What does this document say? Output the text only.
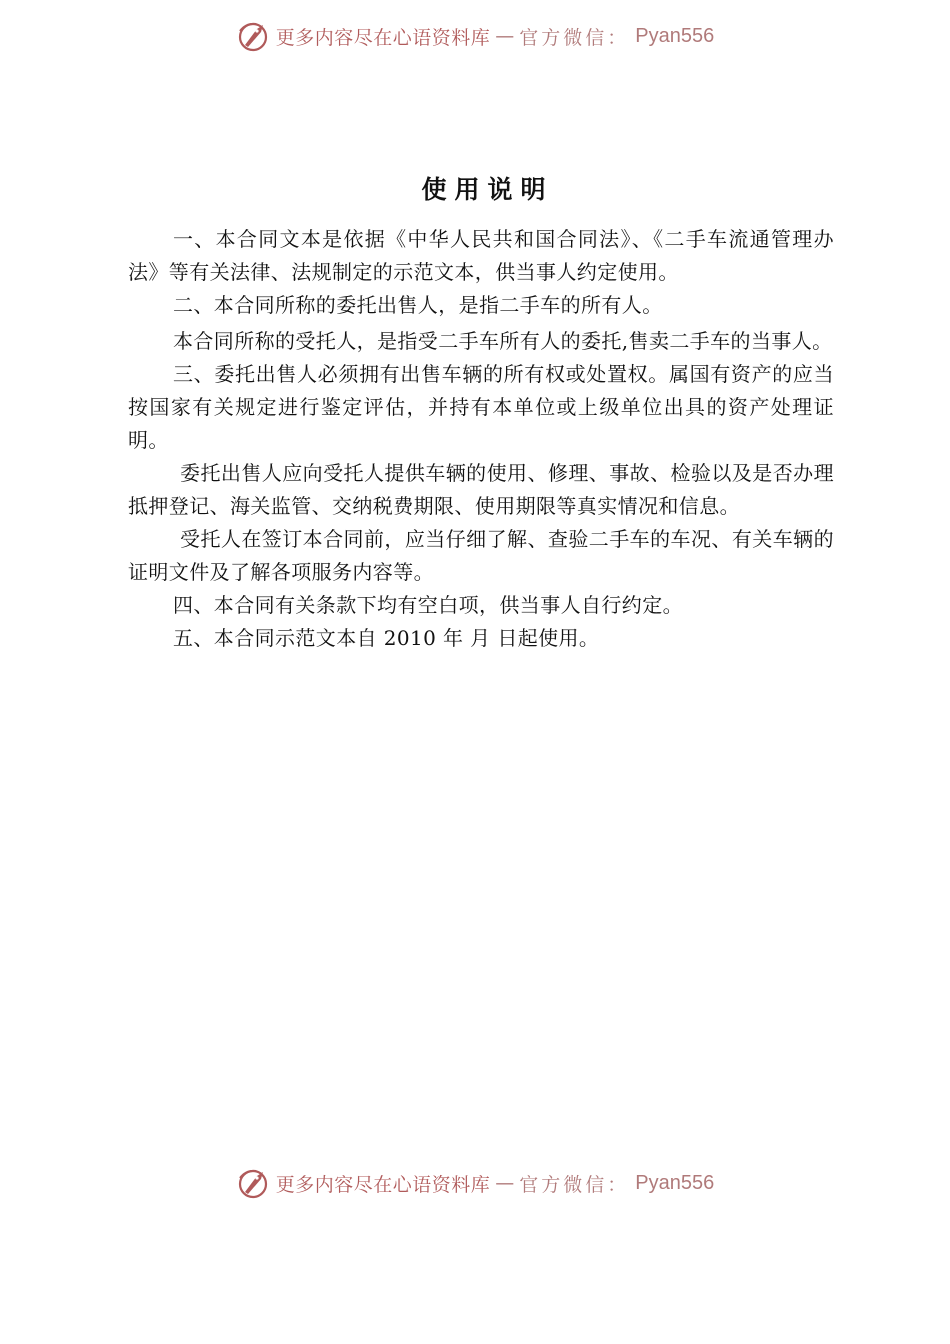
更多内容尽在心语资料库 — 官方微信： Pyan556
使用说明

一、本合同文本是依据《中华人民共和国合同法》、《二手车流通管理办法》等有关法律、法规制定的示范文本，供当事人约定使用。

二、本合同所称的委托出售人，是指二手车的所有人。

本合同所称的受托人，是指受二手车所有人的委托,售卖二手车的当事人。

三、委托出售人必须拥有出售车辆的所有权或处置权。属国有资产的应当按国家有关规定进行鉴定评估，并持有本单位或上级单位出具的资产处理证明。

委托出售人应向受托人提供车辆的使用、修理、事故、检验以及是否办理抵押登记、海关监管、交纳税费期限、使用期限等真实情况和信息。

受托人在签订本合同前，应当仔细了解、查验二手车的车况、有关车辆的证明文件及了解各项服务内容等。

四、本合同有关条款下均有空白项，供当事人自行约定。

五、本合同示范文本自 2010 年 月 日起使用。

更多内容尽在心语资料库 — 官方微信： Pyan556
